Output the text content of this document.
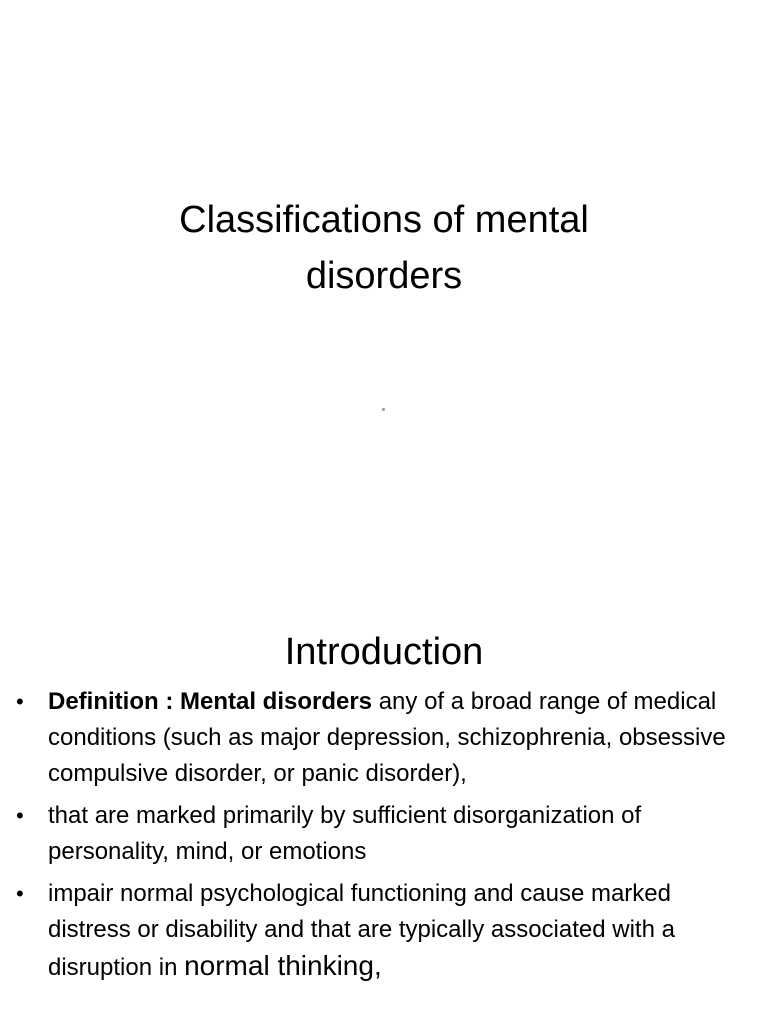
Classifications of mental disorders
Introduction
• Definition : Mental disorders any of a broad range of medical conditions (such as major depression, schizophrenia, obsessive compulsive disorder, or panic disorder),
• that are marked primarily by sufficient disorganization of personality, mind, or emotions
• impair normal psychological functioning and cause marked distress or disability and that are typically associated with a disruption in normal thinking,
